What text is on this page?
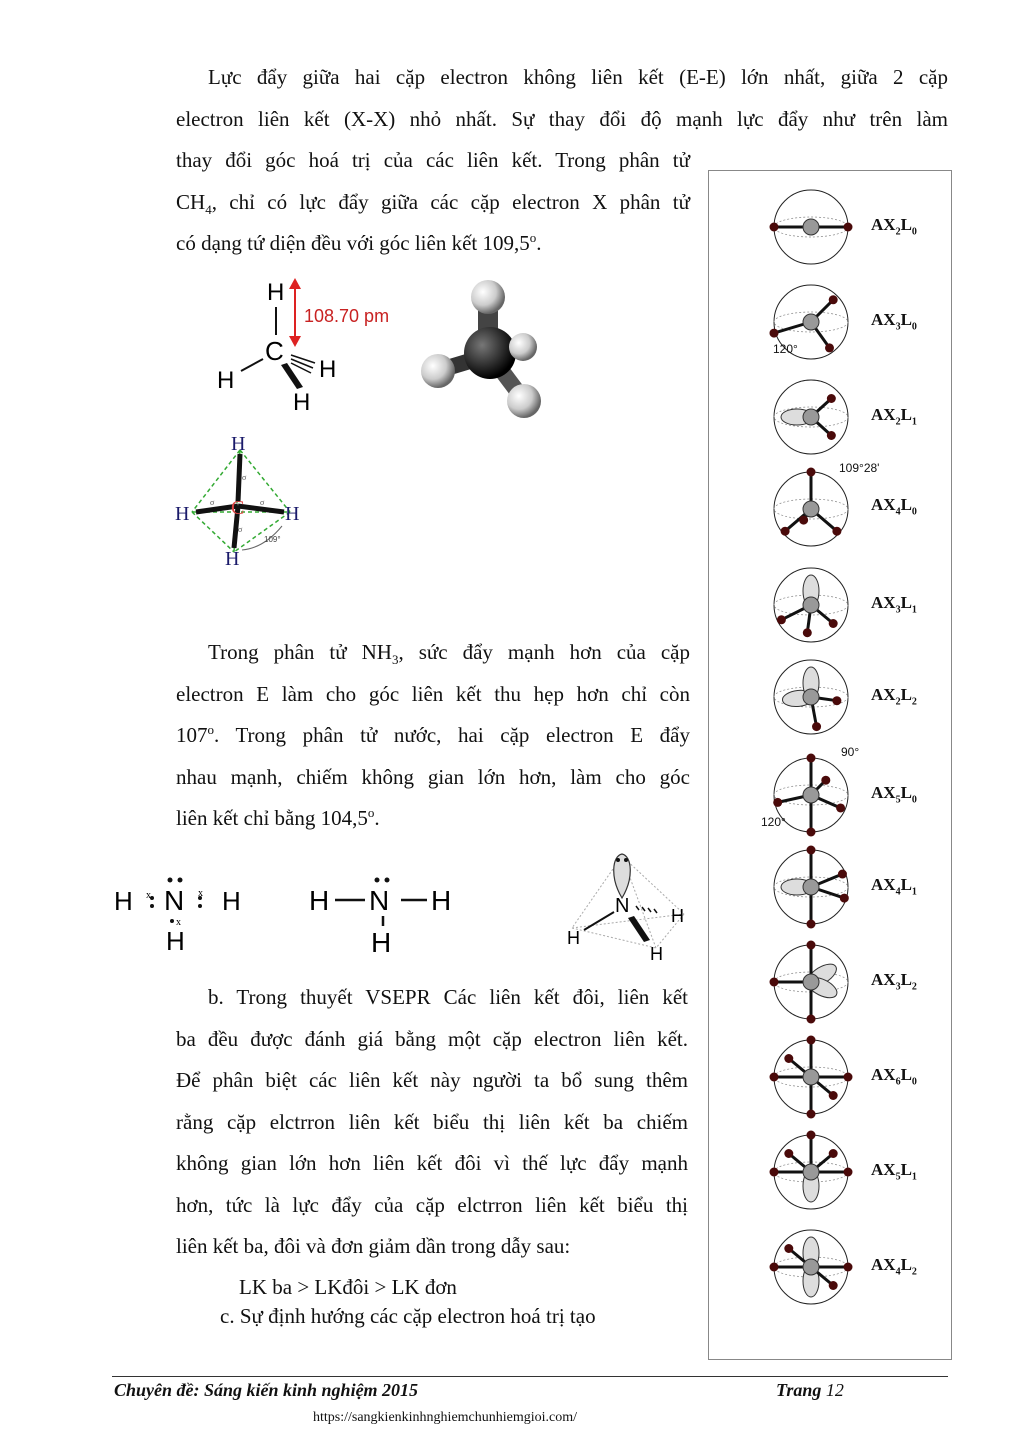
Lực đẩy giữa hai cặp electron không liên kết (E-E) lớn nhất, giữa 2 cặp
electron liên kết (X-X) nhỏ nhất. Sự thay đổi độ mạnh lực đẩy như trên làm
thay đổi góc hoá trị của các liên kết. Trong phân tử
$CH_4$, chỉ có lực đẩy giữa các cặp electron X phân tử
có dạng tứ diện đều với góc liên kết 109,5$^o$.
H
C
H	H
H
108.70 pm
H
H	H
H
C
109°
σ
σ	σ
σ
Trong phân tử $NH_3$, sức đẩy mạnh hơn của cặp
electron E làm cho góc liên kết thu hẹp hơn chỉ còn
107$^o$. Trong phân tử nước, hai cặp electron E đẩy
nhau mạnh, chiếm không gian lớn hơn, làm cho góc
liên kết chỉ bằng 104,5$^o$.
H N H
H
x	x
x
H N H
H
N
H
H
H
b. Trong thuyết VSEPR Các liên kết đôi, liên kết
ba đều được đánh giá bằng một cặp electron liên kết.
Để phân biệt các liên kết này người ta bổ sung thêm
rằng cặp elctrron liên kết biểu thị liên kết ba chiếm
không gian lớn hơn liên kết đôi vì thế lực đẩy mạnh
hơn, tức là lực đẩy của cặp elctrron liên kết biểu thị
liên kết ba, đôi và đơn giảm dần trong dẫy sau:
LK ba > LKđôi > LK đơn
c. Sự định hướng các cặp electron hoá trị tạo
$AX_2L_0$
$AX_3L_0$
120°
$AX_2L_1$
$AX_4L_0$
109°28'
$AX_3L_1$
$AX_2L_2$
$AX_5L_0$
90°
120°
$AX_4L_1$
$AX_3L_2$
$AX_6L_0$
$AX_5L_1$
$AX_4L_2$
Chuyên đề: Sáng kiến kinh nghiệm 2015	Trang 12
https://sangkienkinhnghiemchunhiemgioi.com/
